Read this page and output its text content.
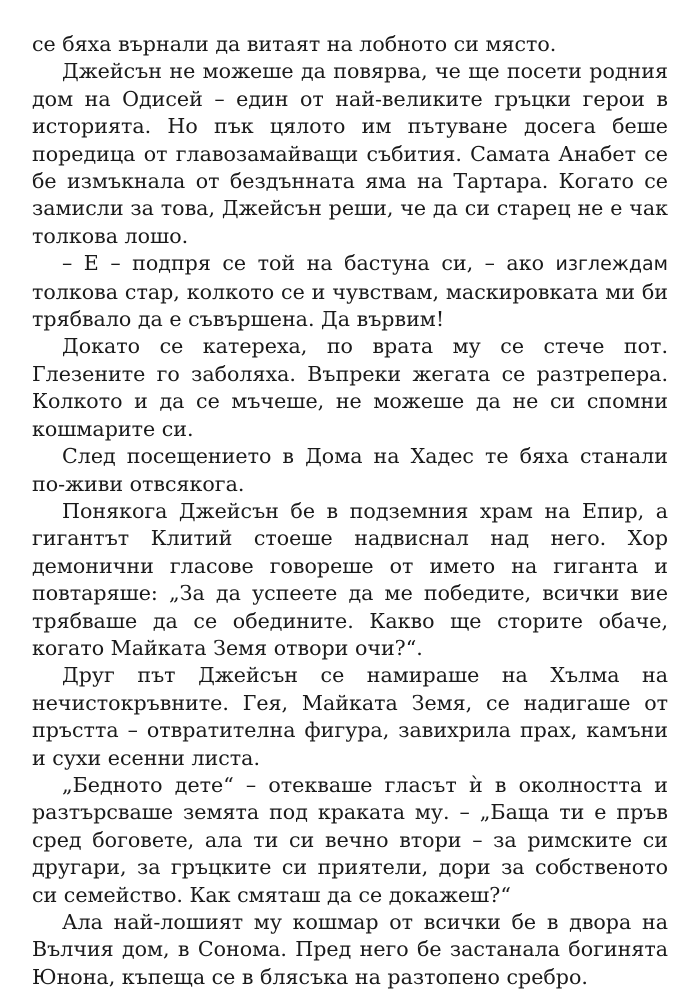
се бяха върнали да витаят на лобното си място.

Джейсън не можеше да повярва, че ще посети родния дом на Одисей – един от най-великите гръцки герои в историята. Но пък цялото им пътуване досега беше поредица от главозамайващи събития. Самата Анабет се бе измъкнала от бездънната яма на Тартара. Когато се замисли за това, Джейсън реши, че да си старец не е чак толкова лошо.

– Е – подпря се той на бастуна си, – ако изглеждам толкова стар, колкото се и чувствам, маскировката ми би трябвало да е съвършена. Да вървим!

Докато се катереха, по врата му се стече пот. Глезените го заболяха. Въпреки жегата се разтрепера. Колкото и да се мъчеше, не можеше да не си спомни кошмарите си.

След посещението в Дома на Хадес те бяха станали по-живи отвсякога.

Понякога Джейсън бе в подземния храм на Епир, а гигантът Клитий стоеше надвиснал над него. Хор демонични гласове говореше от името на гиганта и повтаряше: „За да успеете да ме победите, всички вие трябваше да се обедините. Какво ще сторите обаче, когато Майката Земя отвори очи?“.

Друг път Джейсън се намираше на Хълма на нечистокръвните. Гея, Майката Земя, се надигаше от пръстта – отвратителна фигура, завихрила прах, камъни и сухи есенни листа.

„Бедното дете“ – отекваше гласът ѝ в околността и разтърсваше земята под краката му. – „Баща ти е пръв сред боговете, ала ти си вечно втори – за римските си другари, за гръцките си приятели, дори за собственото си семейство. Как смяташ да се докажеш?“

Ала най-лошият му кошмар от всички бе в двора на Вълчия дом, в Сонома. Пред него бе застанала богинята Юнона, къпеща се в блясъка на разтопено сребро.
